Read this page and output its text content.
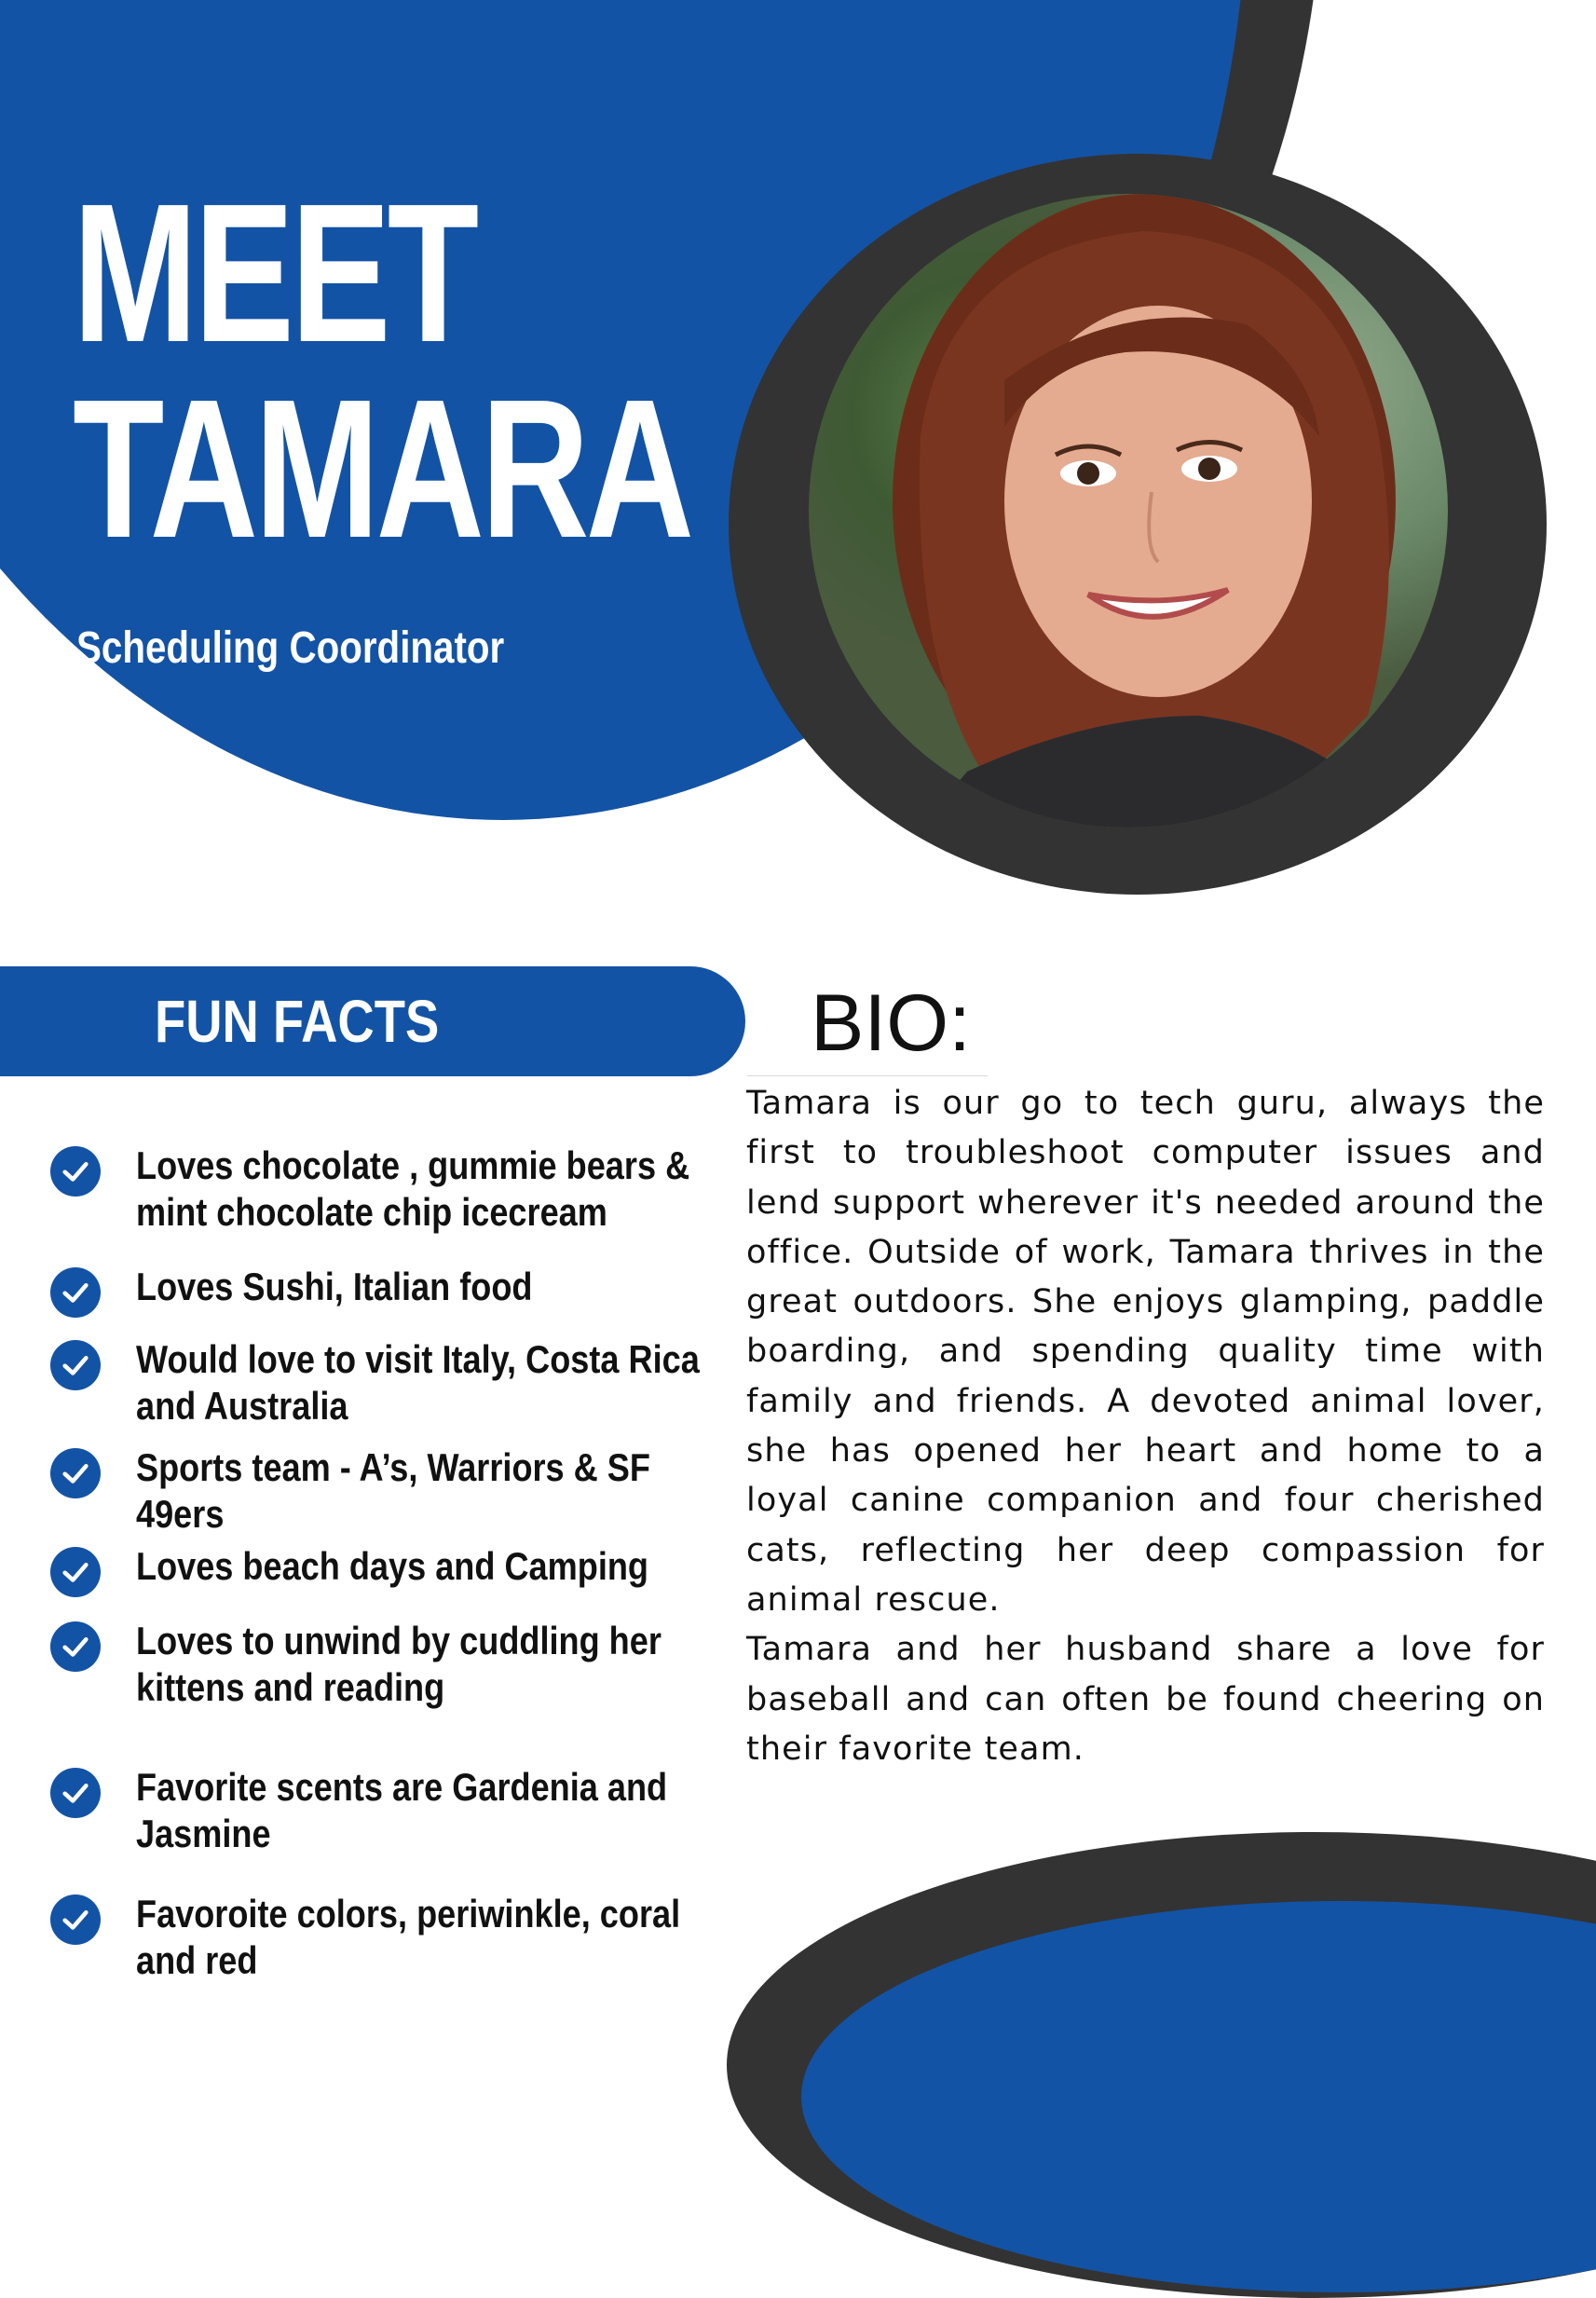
MEET
TAMARA

Scheduling Coordinator

FUN FACTS
Loves chocolate , gummie bears & mint chocolate chip icecream
Loves Sushi, Italian food
Would love to visit Italy, Costa Rica and Australia
Sports team - A’s, Warriors & SF 49ers
Loves beach days and Camping
Loves to unwind by cuddling her kittens and reading
Favorite scents are Gardenia and Jasmine
Favoroite colors, periwinkle, coral and red
BIO:

Tamara is our go to tech guru, always the first to troubleshoot computer issues and lend support wherever it's needed around the office. Outside of work, Tamara thrives in the great outdoors. She enjoys glamping, paddle boarding, and spending quality time with family and friends. A devoted animal lover, she has opened her heart and home to a loyal canine companion and four cherished cats, reflecting her deep compassion for animal rescue.
Tamara and her husband share a love for baseball and can often be found cheering on their favorite team.
